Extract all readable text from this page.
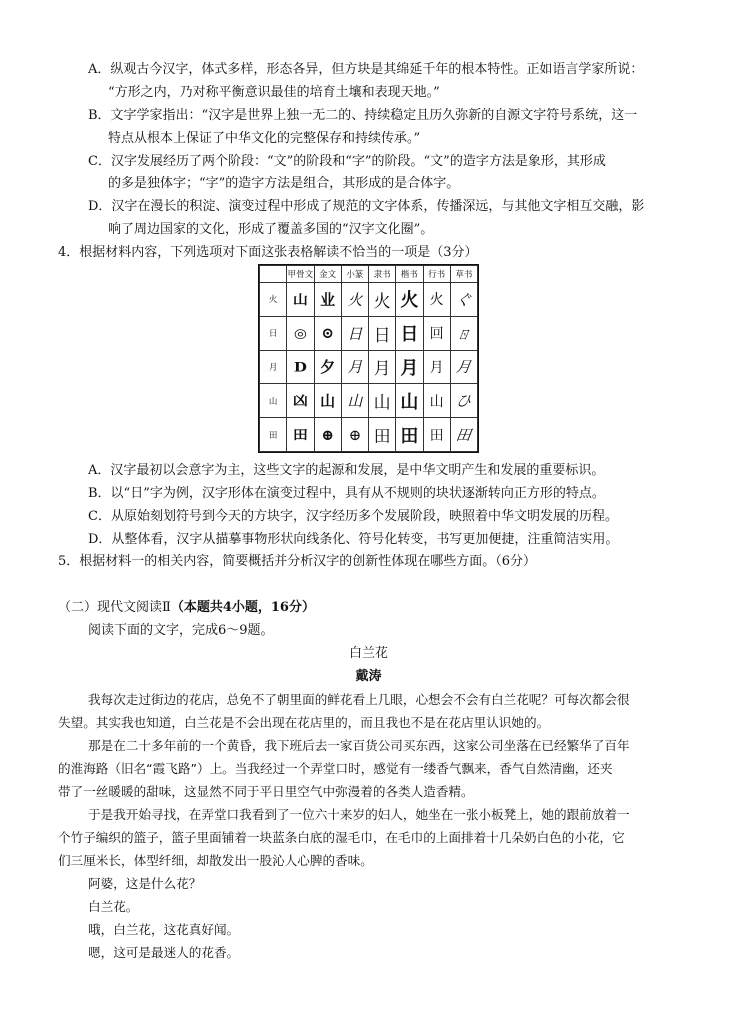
A．纵观古今汉字，体式多样，形态各异，但方块是其绵延千年的根本特性。正如语言学家所说：
“方形之内，乃对称平衡意识最佳的培育土壤和表现天地。”
B．文字学家指出：“汉字是世界上独一无二的、持续稳定且历久弥新的自源文字符号系统，这一
特点从根本上保证了中华文化的完整保存和持续传承。”
C．汉字发展经历了两个阶段：“文”的阶段和“字”的阶段。“文”的造字方法是象形，其形成
的多是独体字；“字”的造字方法是组合，其形成的是合体字。
D．汉字在漫长的积淀、演变过程中形成了规范的文字体系，传播深远，与其他文字相互交融，影
响了周边国家的文化，形成了覆盖多国的“汉字文化圈”。
4．根据材料内容，下列选项对下面这张表格解读不恰当的一项是（3分）
	甲骨文	金文	小篆	隶书	楷书	行书	草书
火	山	业	火	火	火	火	ぐ
日	◎	⊙	日	日	日	回	ㄖ
月	D	夕	月	月	月	月	月
山	凶	山	山	山	山	山	ひ
田	田	⊕	⊕	田	田	田	田
A．汉字最初以会意字为主，这些文字的起源和发展，是中华文明产生和发展的重要标识。
B．以“日”字为例，汉字形体在演变过程中，具有从不规则的块状逐渐转向正方形的特点。
C．从原始刻划符号到今天的方块字，汉字经历多个发展阶段，映照着中华文明发展的历程。
D．从整体看，汉字从描摹事物形状向线条化、符号化转变，书写更加便捷，注重简洁实用。
5．根据材料一的相关内容，简要概括并分析汉字的创新性体现在哪些方面。（6分）
（二）现代文阅读Ⅱ（本题共4小题，16分）
阅读下面的文字，完成6～9题。
白兰花
戴涛
我每次走过街边的花店，总免不了朝里面的鲜花看上几眼，心想会不会有白兰花呢？可每次都会很
失望。其实我也知道，白兰花是不会出现在花店里的，而且我也不是在花店里认识她的。
那是在二十多年前的一个黄昏，我下班后去一家百货公司买东西，这家公司坐落在已经繁华了百年
的淮海路（旧名“霞飞路”）上。当我经过一个弄堂口时，感觉有一缕香气飘来，香气自然清幽，还夹
带了一丝暖暖的甜味，这显然不同于平日里空气中弥漫着的各类人造香精。
于是我开始寻找，在弄堂口我看到了一位六十来岁的妇人，她坐在一张小板凳上，她的跟前放着一
个竹子编织的篮子，篮子里面铺着一块蓝条白底的湿毛巾，在毛巾的上面排着十几朵奶白色的小花，它
们三厘米长，体型纤细，却散发出一股沁人心脾的香味。
阿婆，这是什么花？
白兰花。
哦，白兰花，这花真好闻。
嗯，这可是最迷人的花香。
